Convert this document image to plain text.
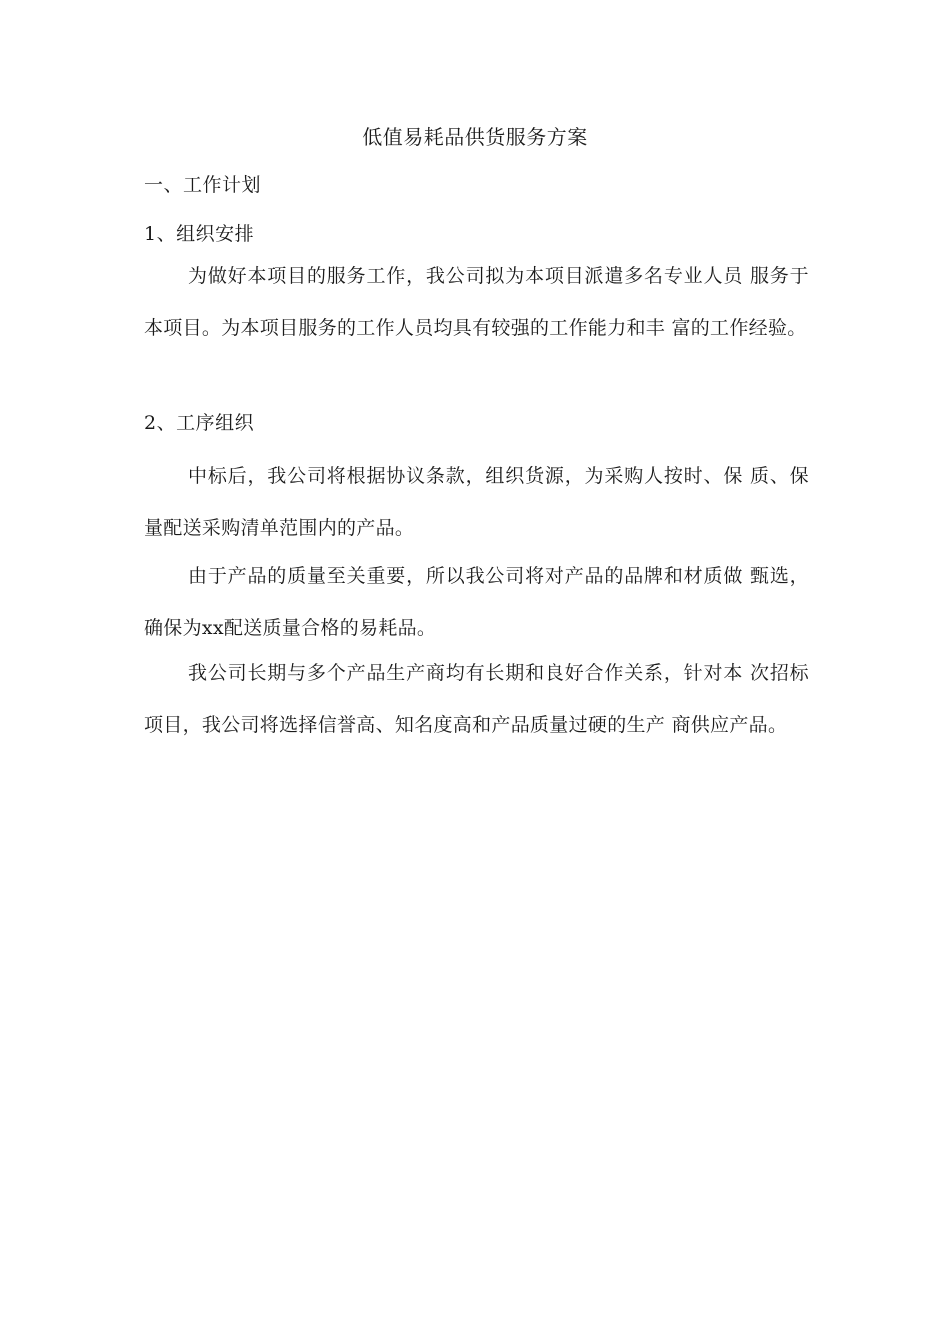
低值易耗品供货服务方案
一、工作计划
1、组织安排

为做好本项目的服务工作，我公司拟为本项目派遣多名专业人员 服务于本项目。为本项目服务的工作人员均具有较强的工作能力和丰 富的工作经验。

2、工序组织

中标后，我公司将根据协议条款，组织货源，为采购人按时、保 质、保量配送采购清单范围内的产品。

由于产品的质量至关重要，所以我公司将对产品的品牌和材质做 甄选，确保为xx配送质量合格的易耗品。

我公司长期与多个产品生产商均有长期和良好合作关系，针对本 次招标项目，我公司将选择信誉高、知名度高和产品质量过硬的生产 商供应产品。
